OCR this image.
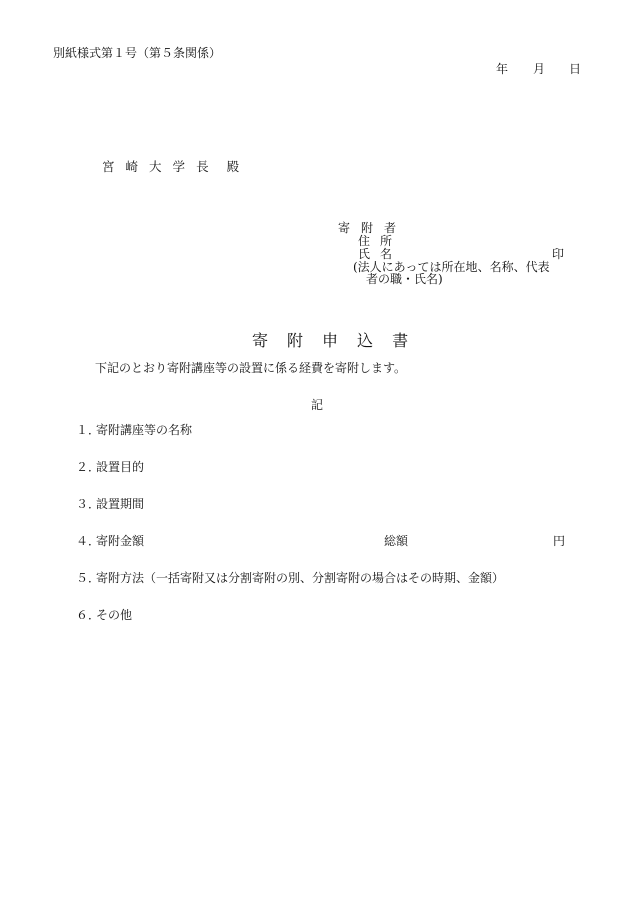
別紙様式第１号（第５条関係）
年 月 日
宮 崎 大 学 長 殿
寄 附 者
住 所
氏 名	印
(法人にあっては所在地、名称、代表
者の職・氏名)
寄 附 申 込 書
下記のとおり寄附講座等の設置に係る経費を寄附します。
記
１．寄附講座等の名称
２．設置目的
３．設置期間
４．寄附金額	総額	円
５．寄附方法（一括寄附又は分割寄附の別、分割寄附の場合はその時期、金額）
６．その他
